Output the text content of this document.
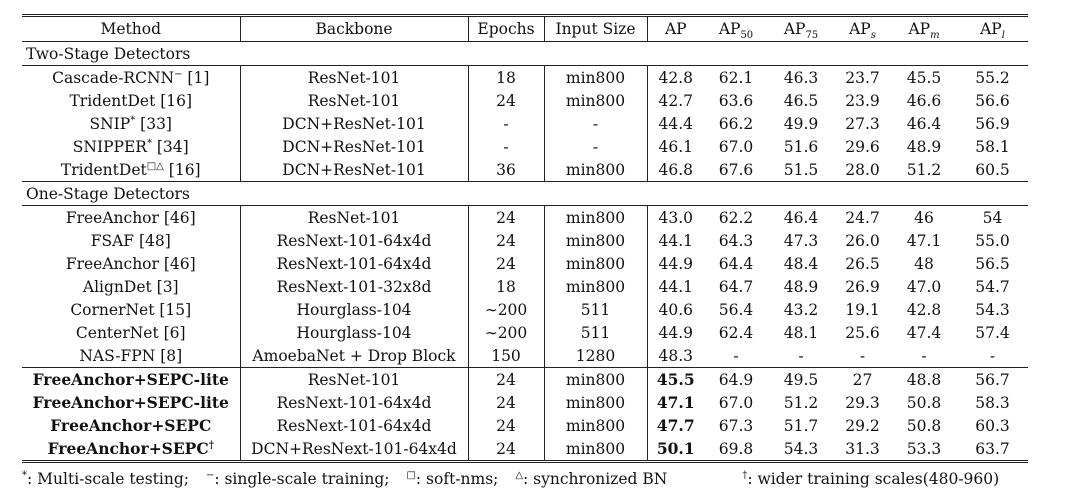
Method	Backbone	Epochs	Input Size	AP	$AP_{50}$	$AP_{75}$	$AP_s$	$AP_m$	$AP_l$
Two-Stage Detectors									
Cascade-RCNN− [1]	ResNet-101	18	min800	42.8	62.1	46.3	23.7	45.5	55.2
TridentDet [16]	ResNet-101	24	min800	42.7	63.6	46.5	23.9	46.6	56.6
SNIP* [33]	DCN+ResNet-101	-	-	44.4	66.2	49.9	27.3	46.4	56.9
SNIPPER* [34]	DCN+ResNet-101	-	-	46.1	67.0	51.6	29.6	48.9	58.1
TridentDet□△ [16]	DCN+ResNet-101	36	min800	46.8	67.6	51.5	28.0	51.2	60.5
One-Stage Detectors									
FreeAnchor [46]	ResNet-101	24	min800	43.0	62.2	46.4	24.7	46	54
FSAF [48]	ResNext-101-64x4d	24	min800	44.1	64.3	47.3	26.0	47.1	55.0
FreeAnchor [46]	ResNext-101-64x4d	24	min800	44.9	64.4	48.4	26.5	48	56.5
AlignDet [3]	ResNext-101-32x8d	18	min800	44.1	64.7	48.9	26.9	47.0	54.7
CornerNet [15]	Hourglass-104	∼200	511	40.6	56.4	43.2	19.1	42.8	54.3
CenterNet [6]	Hourglass-104	∼200	511	44.9	62.4	48.1	25.6	47.4	57.4
NAS-FPN [8]	AmoebaNet + Drop Block	150	1280	48.3	-	-	-	-	-
FreeAnchor+SEPC-lite	ResNet-101	24	min800	45.5	64.9	49.5	27	48.8	56.7
FreeAnchor+SEPC-lite	ResNext-101-64x4d	24	min800	47.1	67.0	51.2	29.3	50.8	58.3
FreeAnchor+SEPC	ResNext-101-64x4d	24	min800	47.7	67.3	51.7	29.2	50.8	60.3
FreeAnchor+SEPC†	DCN+ResNext-101-64x4d	24	min800	50.1	69.8	54.3	31.3	53.3	63.7
*: Multi-scale testing; −: single-scale training; □: soft-nms; △: synchronized BN	†: wider training scales(480-960)
